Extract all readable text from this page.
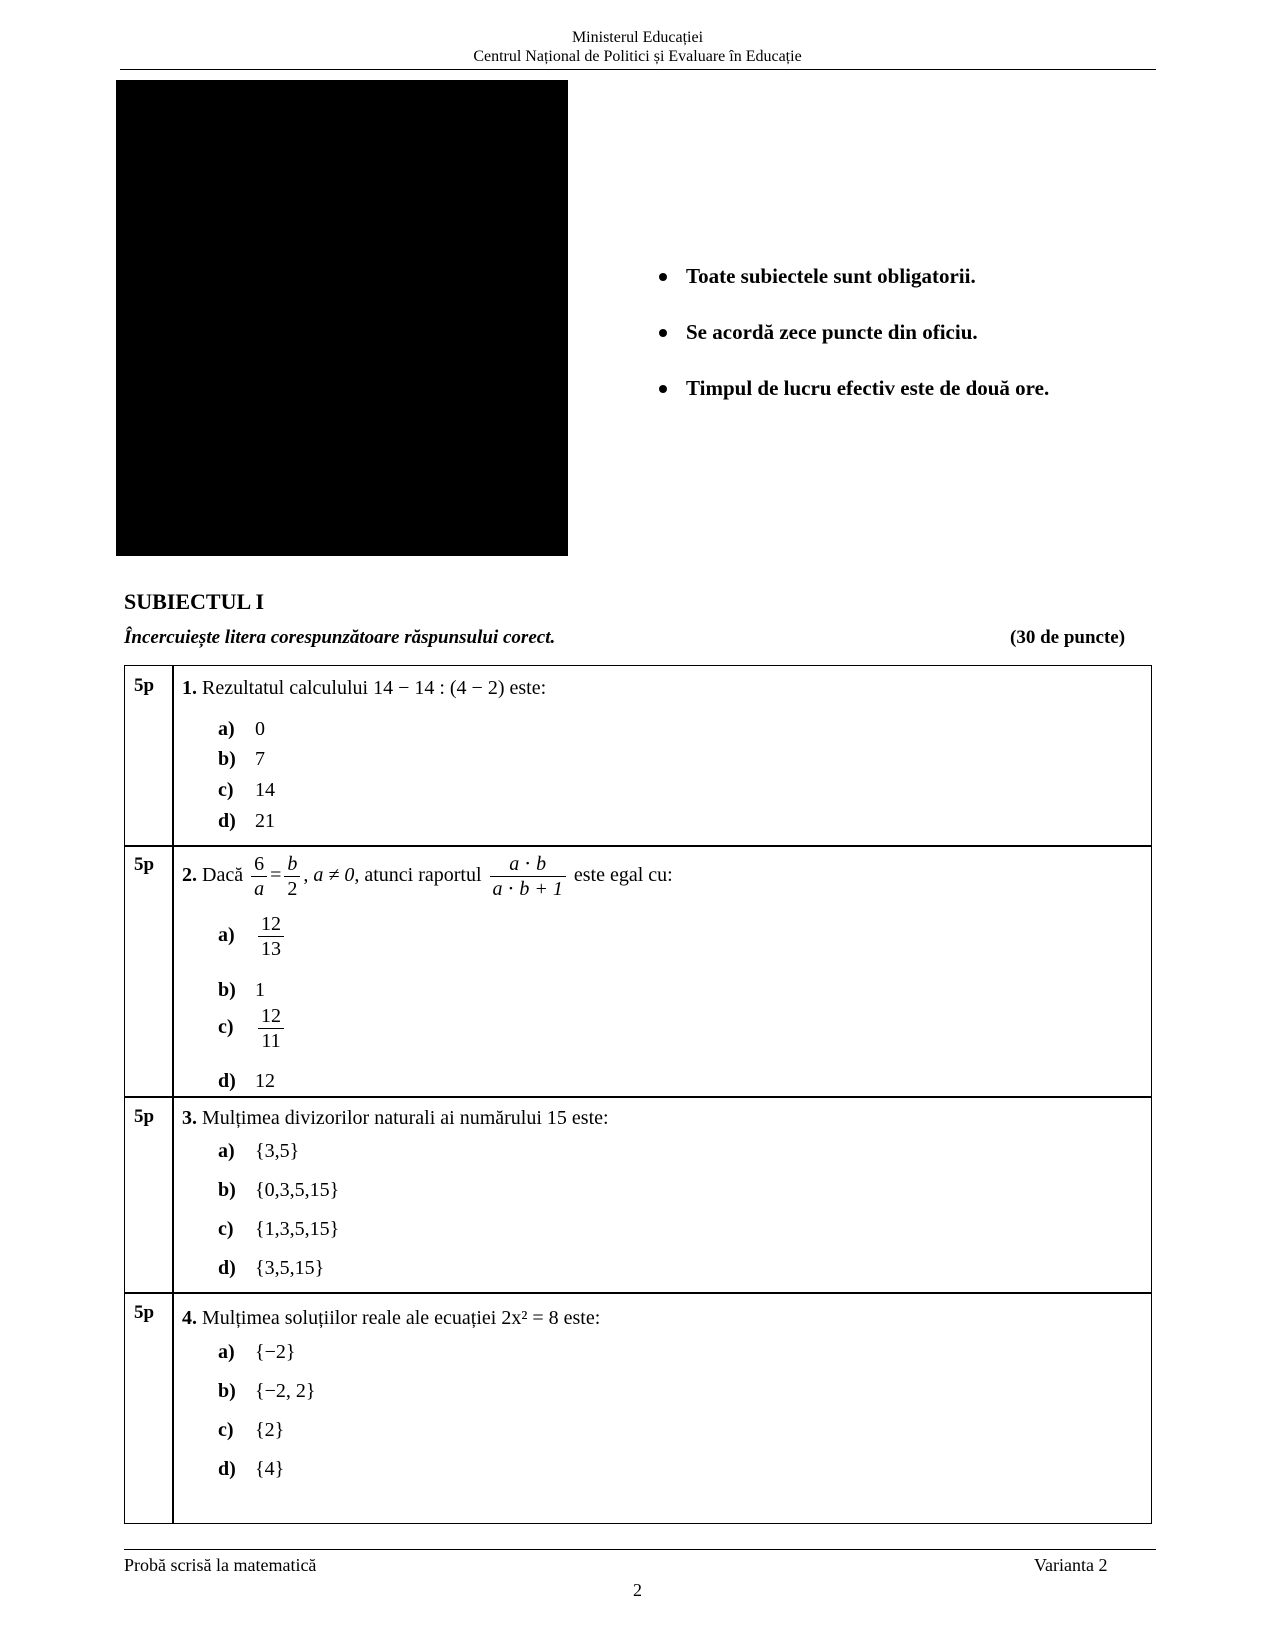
Ministerul Educației
Centrul Național de Politici și Evaluare în Educație
Toate subiectele sunt obligatorii.
Se acordă zece puncte din oficiu.
Timpul de lucru efectiv este de două ore.
SUBIECTUL I
Încercuiește litera corespunzătoare răspunsului corect.	(30 de puncte)
5p 1. Rezultatul calculului 14 − 14 : (4 − 2) este:
a) 0
b) 7
c) 14
d) 21
5p 2. Dacă $\frac{6}{a} = \frac{b}{2}$ , a ≠ 0, atunci raportul $\frac{a \cdot b}{a \cdot b + 1}$ este egal cu:
$a) \frac{12}{13}$
b) 1
$c) \frac{12}{11}$
d) 12
5p 3. Mulțimea divizorilor naturali ai numărului 15 este:
a) {3,5}
b) {0,3,5,15}
c) {1,3,5,15}
d) {3,5,15}
5p 4. Mulțimea soluțiilor reale ale ecuației 2x² = 8 este:
a) {−2}
b) {−2, 2}
c) {2}
d) {4}
Probă scrisă la matematică	Varianta 2
2
